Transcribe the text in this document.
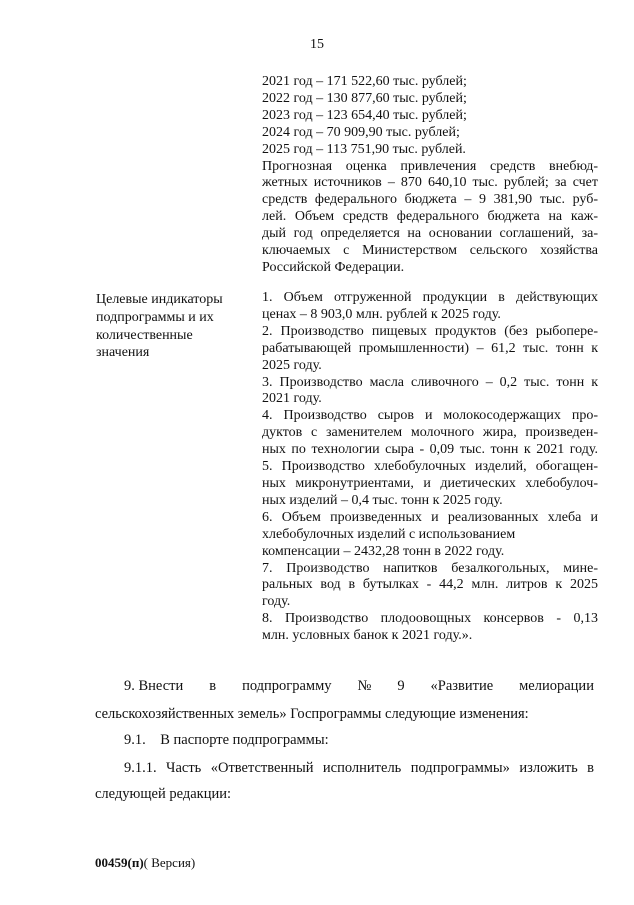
15
2021 год – 171 522,60 тыс. рублей;
2022 год – 130 877,60 тыс. рублей;
2023 год – 123 654,40 тыс. рублей;
2024 год – 70 909,90 тыс. рублей;
2025 год – 113 751,90 тыс. рублей.
Прогнозная оценка привлечения средств внебюд-
жетных источников – 870 640,10 тыс. рублей; за счет
средств федерального бюджета – 9 381,90 тыс. руб-
лей. Объем средств федерального бюджета на каж-
дый год определяется на основании соглашений, за-
ключаемых с Министерством сельского хозяйства
Российской Федерации.
Целевые индикаторы
подпрограммы и их
количественные
значения
1. Объем отгруженной продукции в действующих
ценах – 8 903,0 млн. рублей к 2025 году.
2. Производство пищевых продуктов (без рыбопере-
рабатывающей промышленности) – 61,2 тыс. тонн к
2025 году.
3. Производство масла сливочного – 0,2 тыс. тонн к
2021 году.
4. Производство сыров и молокосодержащих про-
дуктов с заменителем молочного жира, произведен-
ных по технологии сыра - 0,09 тыс. тонн к 2021 году.
5. Производство хлебобулочных изделий, обогащен-
ных микронутриентами, и диетических хлебобулоч-
ных изделий – 0,4 тыс. тонн к 2025 году.
6. Объем произведенных и реализованных хлеба и
хлебобулочных изделий с использованием
компенсации – 2432,28 тонн в 2022 году.
7. Производство напитков безалкогольных, мине-
ральных вод в бутылках - 44,2 млн. литров к 2025
году.
8. Производство плодоовощных консервов - 0,13
млн. условных банок к 2021 году.».
9. Внести в подпрограмму № 9 «Развитие мелиорации
сельскохозяйственных земель» Госпрограммы следующие изменения:
9.1.    В паспорте подпрограммы:
9.1.1. Часть «Ответственный исполнитель подпрограммы» изложить в
следующей редакции:
00459(п)( Версия)
